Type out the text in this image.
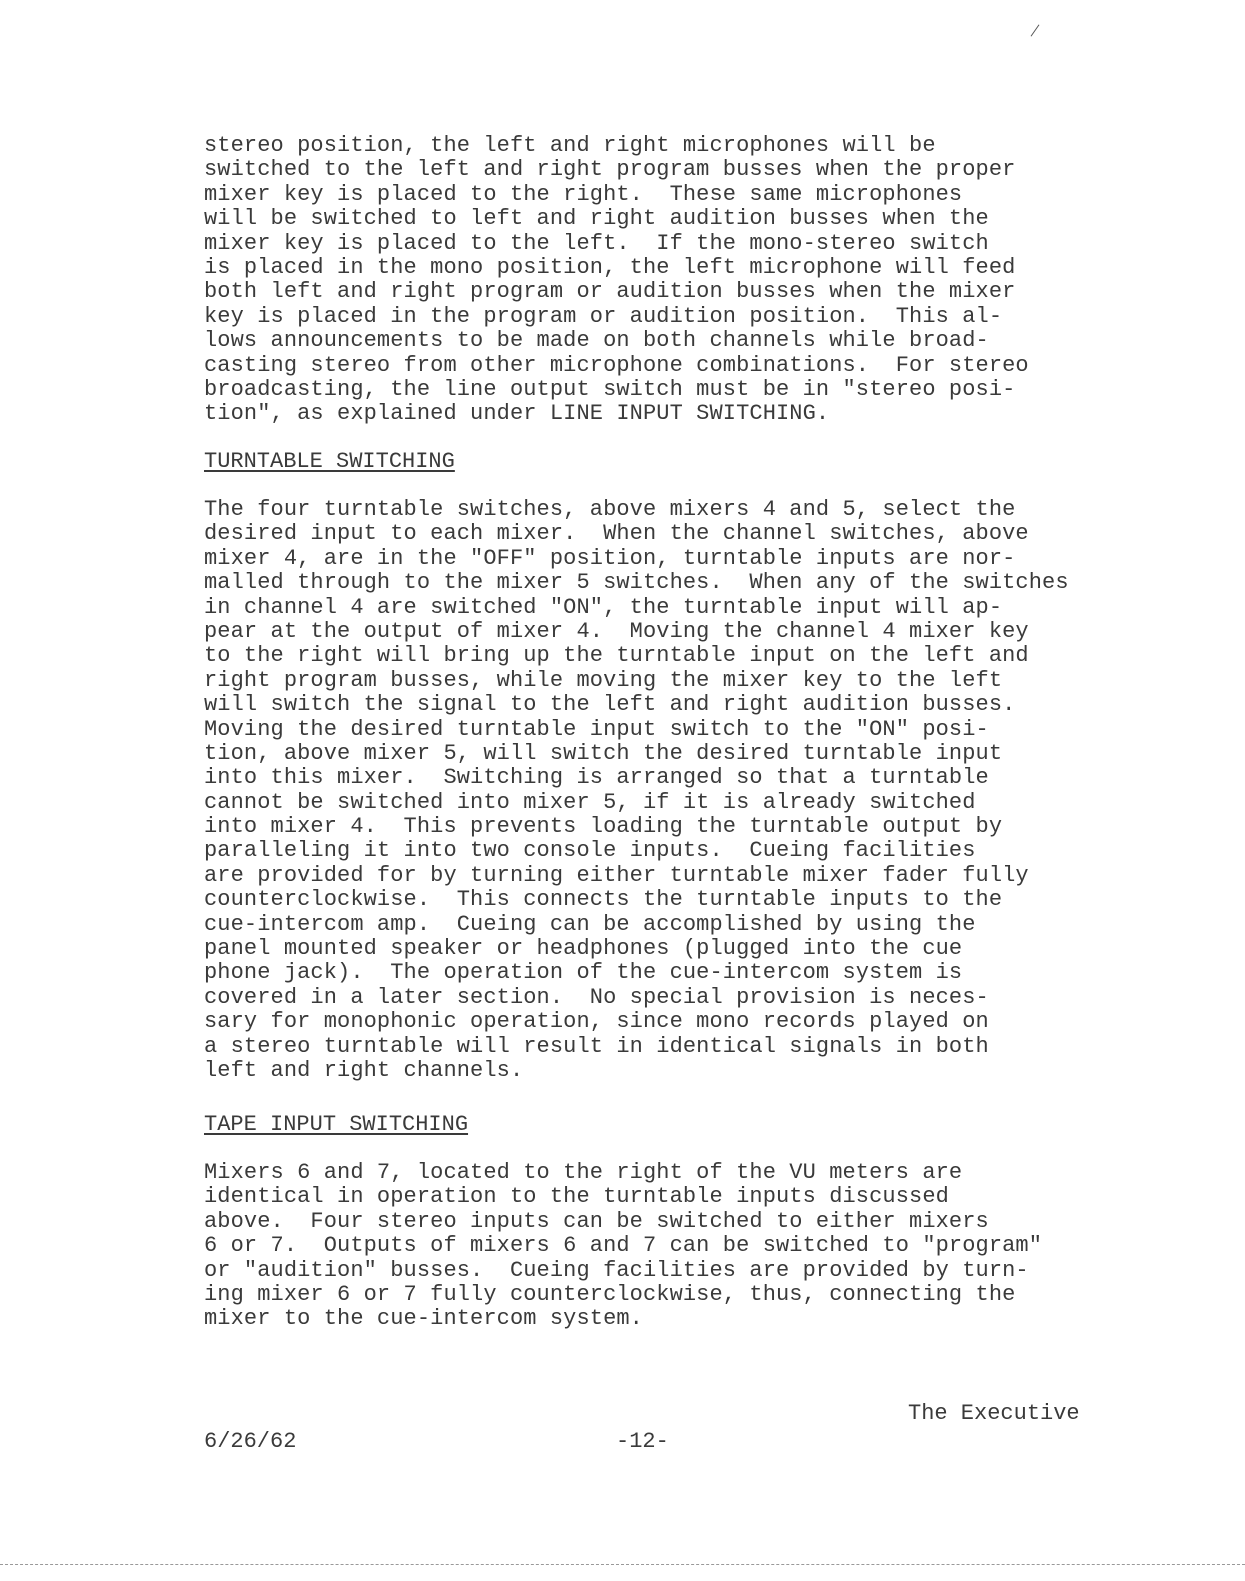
stereo position, the left and right microphones will be
switched to the left and right program busses when the proper
mixer key is placed to the right.  These same microphones
will be switched to left and right audition busses when the
mixer key is placed to the left.  If the mono-stereo switch
is placed in the mono position, the left microphone will feed
both left and right program or audition busses when the mixer
key is placed in the program or audition position.  This al-
lows announcements to be made on both channels while broad-
casting stereo from other microphone combinations.  For stereo
broadcasting, the line output switch must be in "stereo posi-
tion", as explained under LINE INPUT SWITCHING.
TURNTABLE SWITCHING
The four turntable switches, above mixers 4 and 5, select the
desired input to each mixer.  When the channel switches, above
mixer 4, are in the "OFF" position, turntable inputs are nor-
malled through to the mixer 5 switches.  When any of the switches
in channel 4 are switched "ON", the turntable input will ap-
pear at the output of mixer 4.  Moving the channel 4 mixer key
to the right will bring up the turntable input on the left and
right program busses, while moving the mixer key to the left
will switch the signal to the left and right audition busses.
Moving the desired turntable input switch to the "ON" posi-
tion, above mixer 5, will switch the desired turntable input
into this mixer.  Switching is arranged so that a turntable
cannot be switched into mixer 5, if it is already switched
into mixer 4.  This prevents loading the turntable output by
paralleling it into two console inputs.  Cueing facilities
are provided for by turning either turntable mixer fader fully
counterclockwise.  This connects the turntable inputs to the
cue-intercom amp.  Cueing can be accomplished by using the
panel mounted speaker or headphones (plugged into the cue
phone jack).  The operation of the cue-intercom system is
covered in a later section.  No special provision is neces-
sary for monophonic operation, since mono records played on
a stereo turntable will result in identical signals in both
left and right channels.
TAPE INPUT SWITCHING
Mixers 6 and 7, located to the right of the VU meters are
identical in operation to the turntable inputs discussed
above.  Four stereo inputs can be switched to either mixers
6 or 7.  Outputs of mixers 6 and 7 can be switched to "program"
or "audition" busses.  Cueing facilities are provided by turn-
ing mixer 6 or 7 fully counterclockwise, thus, connecting the
mixer to the cue-intercom system.
6/26/62	-12-
The Executive
